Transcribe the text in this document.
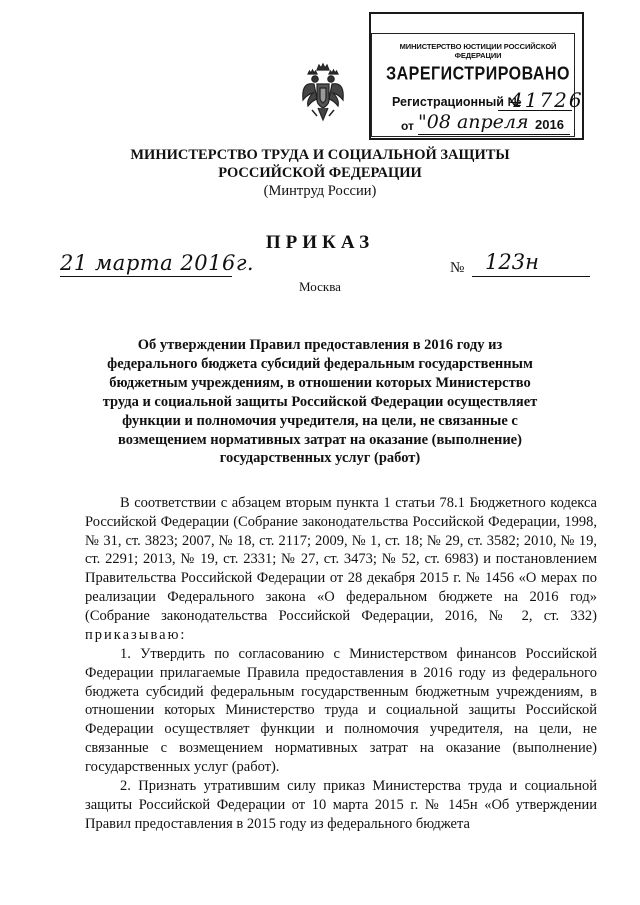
МИНИСТЕРСТВО ЮСТИЦИИ РОССИЙСКОЙ ФЕДЕРАЦИИ
ЗАРЕГИСТРИРОВАНО
Регистрационный №
41726
от "08 апреля 2016
МИНИСТЕРСТВО ТРУДА И СОЦИАЛЬНОЙ ЗАЩИТЫ
РОССИЙСКОЙ ФЕДЕРАЦИИ
(Минтруд России)
ПРИКАЗ
21 марта 2016г.	№ 123н
Москва
Об утверждении Правил предоставления в 2016 году из федерального бюджета субсидий федеральным государственным бюджетным учреждениям, в отношении которых Министерство труда и социальной защиты Российской Федерации осуществляет функции и полномочия учредителя, на цели, не связанные с возмещением нормативных затрат на оказание (выполнение) государственных услуг (работ)
В соответствии с абзацем вторым пункта 1 статьи 78.1 Бюджетного кодекса Российской Федерации (Собрание законодательства Российской Федерации, 1998, № 31, ст. 3823; 2007, № 18, ст. 2117; 2009, № 1, ст. 18; № 29, ст. 3582; 2010, № 19, ст. 2291; 2013, № 19, ст. 2331; № 27, ст. 3473; № 52, ст. 6983) и постановлением Правительства Российской Федерации от 28 декабря 2015 г. № 1456 «О мерах по реализации Федерального закона «О федеральном бюджете на 2016 год» (Собрание законодательства Российской Федерации, 2016, № 2, ст. 332) приказываю:
1. Утвердить по согласованию с Министерством финансов Российской Федерации прилагаемые Правила предоставления в 2016 году из федерального бюджета субсидий федеральным государственным бюджетным учреждениям, в отношении которых Министерство труда и социальной защиты Российской Федерации осуществляет функции и полномочия учредителя, на цели, не связанные с возмещением нормативных затрат на оказание (выполнение) государственных услуг (работ).
2. Признать утратившим силу приказ Министерства труда и социальной защиты Российской Федерации от 10 марта 2015 г. № 145н «Об утверждении Правил предоставления в 2015 году из федерального бюджета
